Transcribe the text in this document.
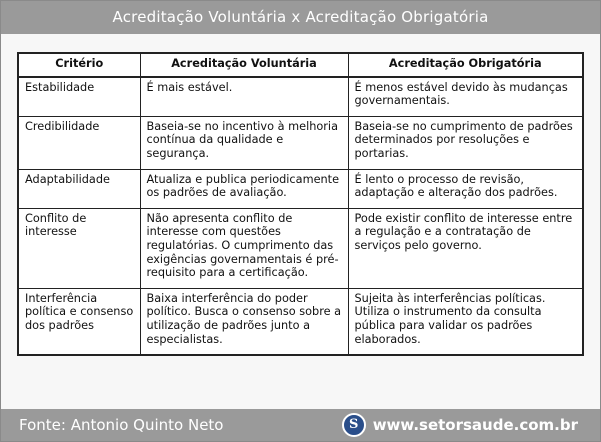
Acreditação Voluntária x Acreditação Obrigatória
Critério	Acreditação Voluntária	Acreditação Obrigatória
Estabilidade	É mais estável.	É menos estável devido às mudanças governamentais.
Credibilidade	Baseia-se no incentivo à melhoria contínua da qualidade e segurança.	Baseia-se no cumprimento de padrões determinados por resoluções e portarias.
Adaptabilidade	Atualiza e publica periodicamente os padrões de avaliação.	É lento o processo de revisão, adaptação e alteração dos padrões.
Conflito de interesse	Não apresenta conflito de interesse com questões regulatórias. O cumprimento das exigências governamentais é pré-requisito para a certificação.	Pode existir conflito de interesse entre a regulação e a contratação de serviços pelo governo.
Interferência política e consenso dos padrões	Baixa interferência do poder político. Busca o consenso sobre a utilização de padrões junto a especialistas.	Sujeita às interferências políticas. Utiliza o instrumento da consulta pública para validar os padrões elaborados.
Fonte: Antonio Quinto Neto	S www.setorsaude.com.br
